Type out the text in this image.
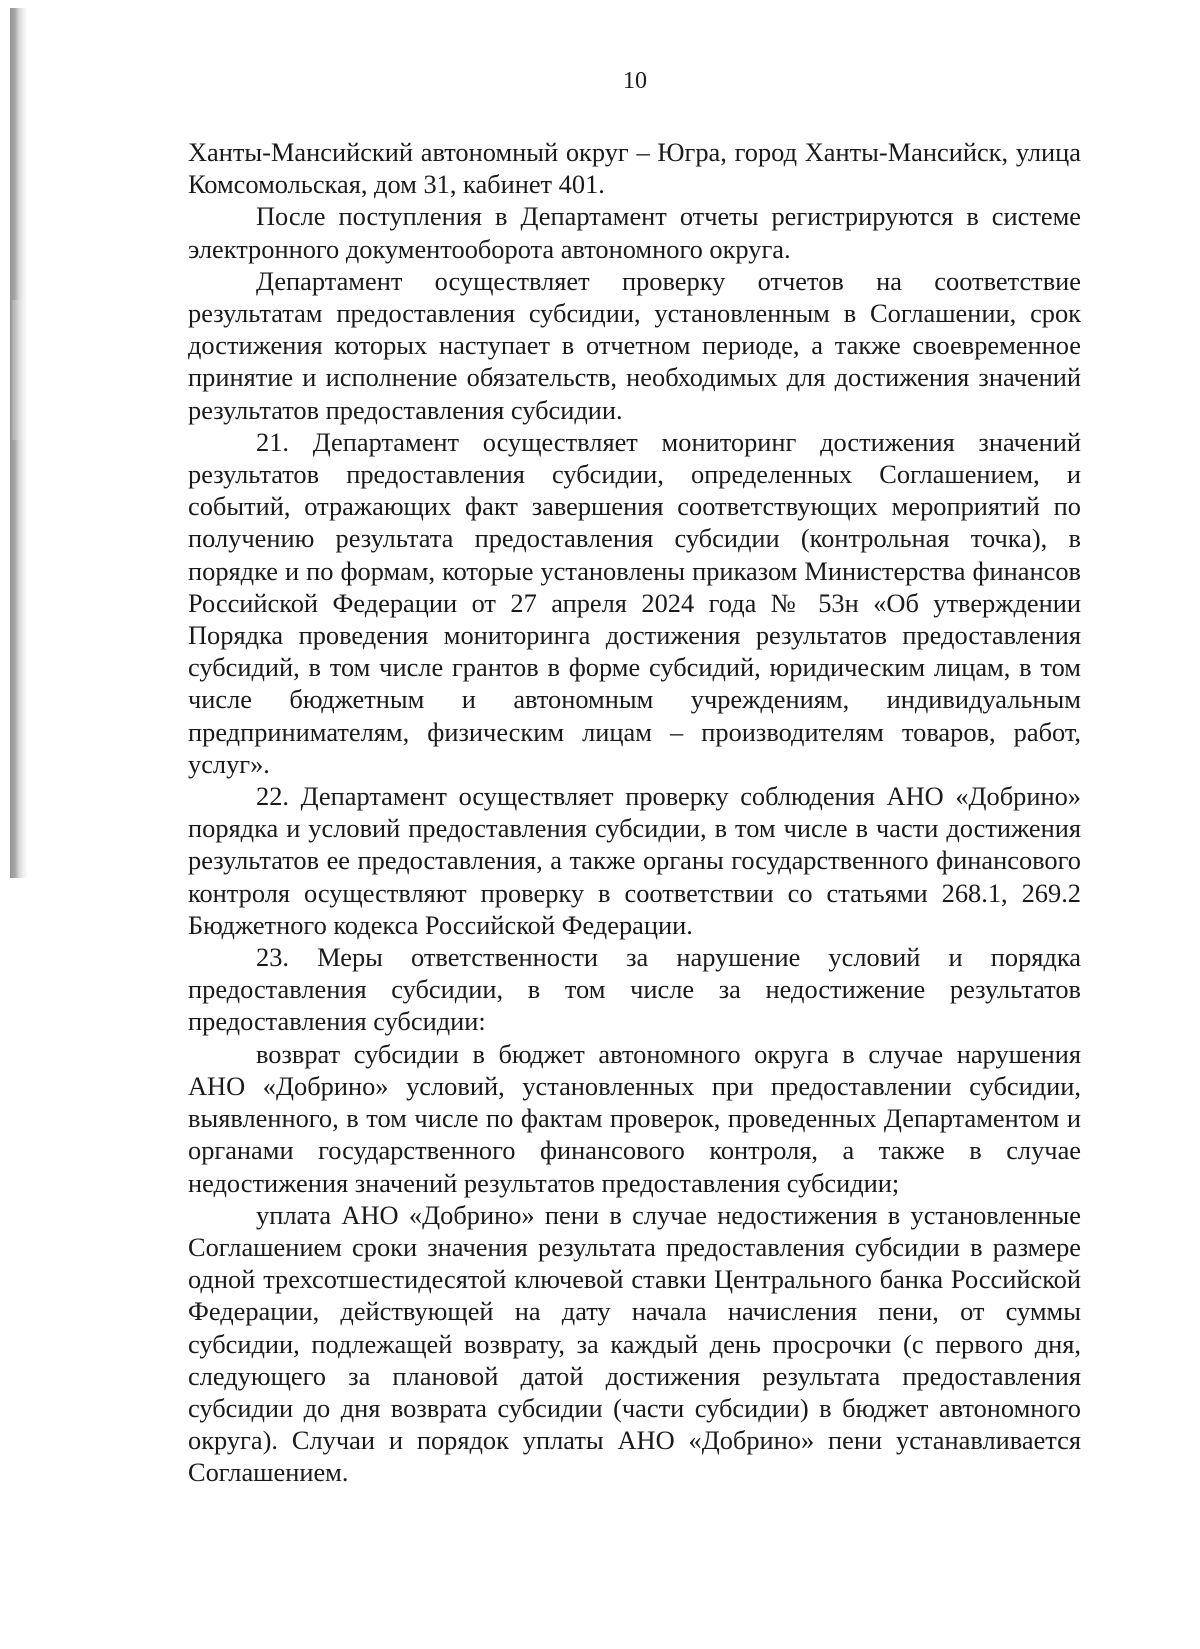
10

Ханты-Мансийский автономный округ – Югра, город Ханты-Мансийск, улица Комсомольская, дом 31, кабинет 401.

После поступления в Департамент отчеты регистрируются в системе электронного документооборота автономного округа.

Департамент осуществляет проверку отчетов на соответствие результатам предоставления субсидии, установленным в Соглашении, срок достижения которых наступает в отчетном периоде, а также своевременное принятие и исполнение обязательств, необходимых для достижения значений результатов предоставления субсидии.

21. Департамент осуществляет мониторинг достижения значений результатов предоставления субсидии, определенных Соглашением, и событий, отражающих факт завершения соответствующих мероприятий по получению результата предоставления субсидии (контрольная точка), в порядке и по формам, которые установлены приказом Министерства финансов Российской Федерации от 27 апреля 2024 года № 53н «Об утверждении Порядка проведения мониторинга достижения результатов предоставления субсидий, в том числе грантов в форме субсидий, юридическим лицам, в том числе бюджетным и автономным учреждениям, индивидуальным предпринимателям, физическим лицам – производителям товаров, работ, услуг».

22. Департамент осуществляет проверку соблюдения АНО «Добрино» порядка и условий предоставления субсидии, в том числе в части достижения результатов ее предоставления, а также органы государственного финансового контроля осуществляют проверку в соответствии со статьями 268.1, 269.2 Бюджетного кодекса Российской Федерации.

23. Меры ответственности за нарушение условий и порядка предоставления субсидии, в том числе за недостижение результатов предоставления субсидии:

возврат субсидии в бюджет автономного округа в случае нарушения АНО «Добрино» условий, установленных при предоставлении субсидии, выявленного, в том числе по фактам проверок, проведенных Департаментом и органами государственного финансового контроля, а также в случае недостижения значений результатов предоставления субсидии;

уплата АНО «Добрино» пени в случае недостижения в установленные Соглашением сроки значения результата предоставления субсидии в размере одной трехсотшестидесятой ключевой ставки Центрального банка Российской Федерации, действующей на дату начала начисления пени, от суммы субсидии, подлежащей возврату, за каждый день просрочки (с первого дня, следующего за плановой датой достижения результата предоставления субсидии до дня возврата субсидии (части субсидии) в бюджет автономного округа). Случаи и порядок уплаты АНО «Добрино» пени устанавливается Соглашением.
